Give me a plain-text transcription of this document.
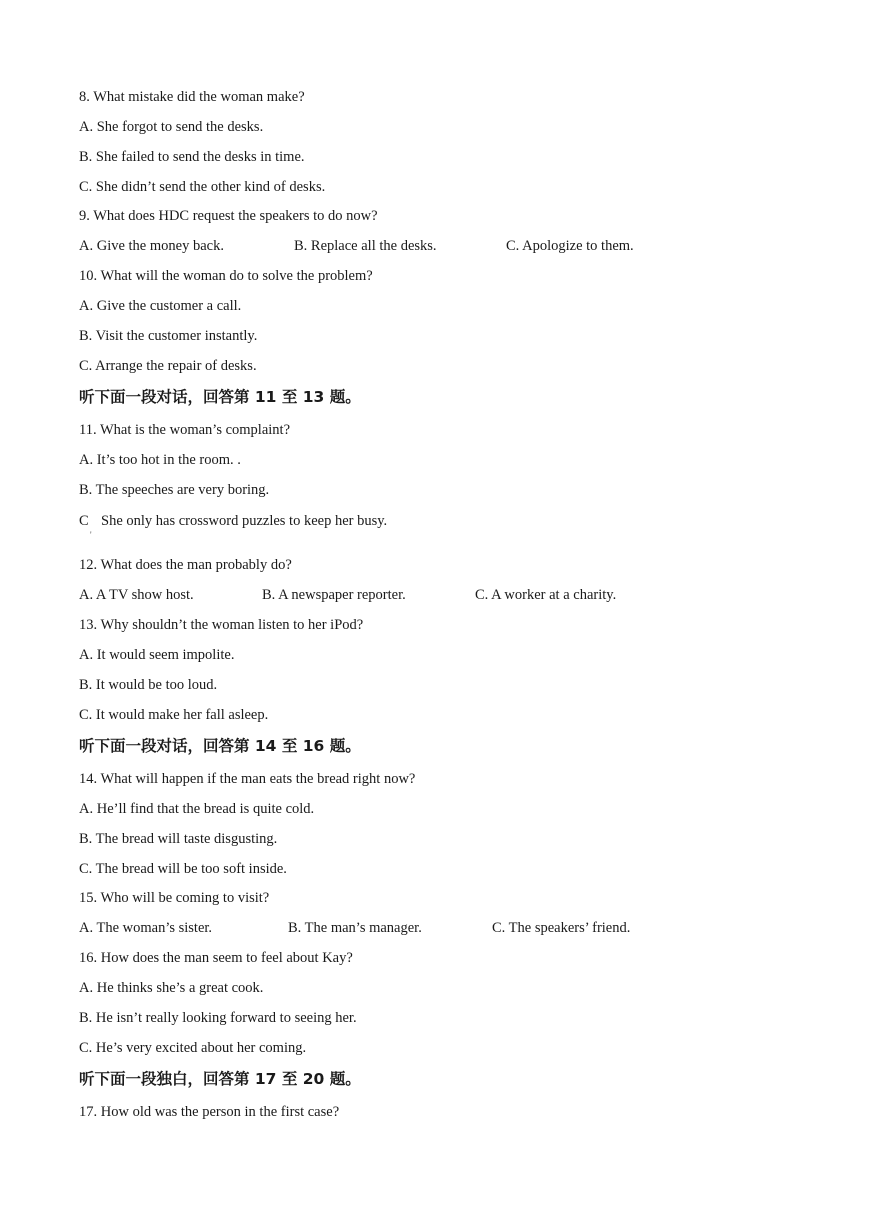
8. What mistake did the woman make?
A. She forgot to send the desks.
B. She failed to send the desks in time.
C. She didn’t send the other kind of desks.
9. What does HDC request the speakers to do now?
A. Give the money back.	B. Replace all the desks.	C. Apologize to them.
10. What will the woman do to solve the problem?
A. Give the customer a call.
B. Visit the customer instantly.
C. Arrange the repair of desks.
听下面一段对话，回答第 11 至 13 题。
11. What is the woman’s complaint?
A. It’s too hot in the room. .
B. The speeches are very boring.
C She only has crossword puzzles to keep her busy.
'
12. What does the man probably do?
A. A TV show host.	B. A newspaper reporter.	C. A worker at a charity.
13. Why shouldn’t the woman listen to her iPod?
A. It would seem impolite.
B. It would be too loud.
C. It would make her fall asleep.
听下面一段对话，回答第 14 至 16 题。
14. What will happen if the man eats the bread right now?
A. He’ll find that the bread is quite cold.
B. The bread will taste disgusting.
C. The bread will be too soft inside.
15. Who will be coming to visit?
A. The woman’s sister.	B. The man’s manager.	C. The speakers’ friend.
16. How does the man seem to feel about Kay?
A. He thinks she’s a great cook.
B. He isn’t really looking forward to seeing her.
C. He’s very excited about her coming.
听下面一段独白，回答第 17 至 20 题。
17. How old was the person in the first case?
